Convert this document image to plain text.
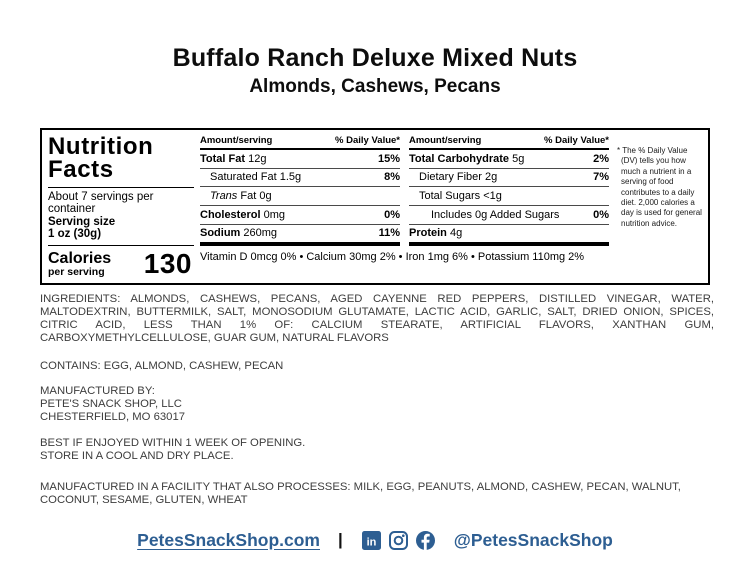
Buffalo Ranch Deluxe Mixed Nuts
Almonds, Cashews, Pecans
Nutrition
Facts
About 7 servings per container
Serving size
1 oz (30g)
Calories
per serving 130
Amount/serving	% Daily Value*
Total Fat 12g	15%
Saturated Fat 1.5g	8%
Trans Fat 0g
Cholesterol 0mg	0%
Sodium 260mg	11%
Amount/serving	% Daily Value*
Total Carbohydrate 5g	2%
Dietary Fiber 2g	7%
Total Sugars <1g
Includes 0g Added Sugars	0%
Protein 4g
Vitamin D 0mcg 0% • Calcium 30mg 2% • Iron 1mg 6% • Potassium 110mg 2%
* The % Daily Value (DV) tells you how much a nutrient in a serving of food contributes to a daily diet. 2,000 calories a day is used for general nutrition advice.

INGREDIENTS: ALMONDS, CASHEWS, PECANS, AGED CAYENNE RED PEPPERS, DISTILLED VINEGAR, WATER, MALTODEXTRIN, BUTTERMILK, SALT, MONOSODIUM GLUTAMATE, LACTIC ACID, GARLIC, SALT, DRIED ONION, SPICES, CITRIC ACID, LESS THAN 1% OF: CALCIUM STEARATE, ARTIFICIAL FLAVORS, XANTHAN GUM, CARBOXYMETHYLCELLULOSE, GUAR GUM, NATURAL FLAVORS

CONTAINS: EGG, ALMOND, CASHEW, PECAN

MANUFACTURED BY:
PETE'S SNACK SHOP, LLC
CHESTERFIELD, MO 63017
BEST IF ENJOYED WITHIN 1 WEEK OF OPENING.
STORE IN A COOL AND DRY PLACE.

MANUFACTURED IN A FACILITY THAT ALSO PROCESSES: MILK, EGG, PEANUTS, ALMOND, CASHEW, PECAN, WALNUT, COCONUT, SESAME, GLUTEN, WHEAT

PetesSnackShop.com | in	@PetesSnackShop
